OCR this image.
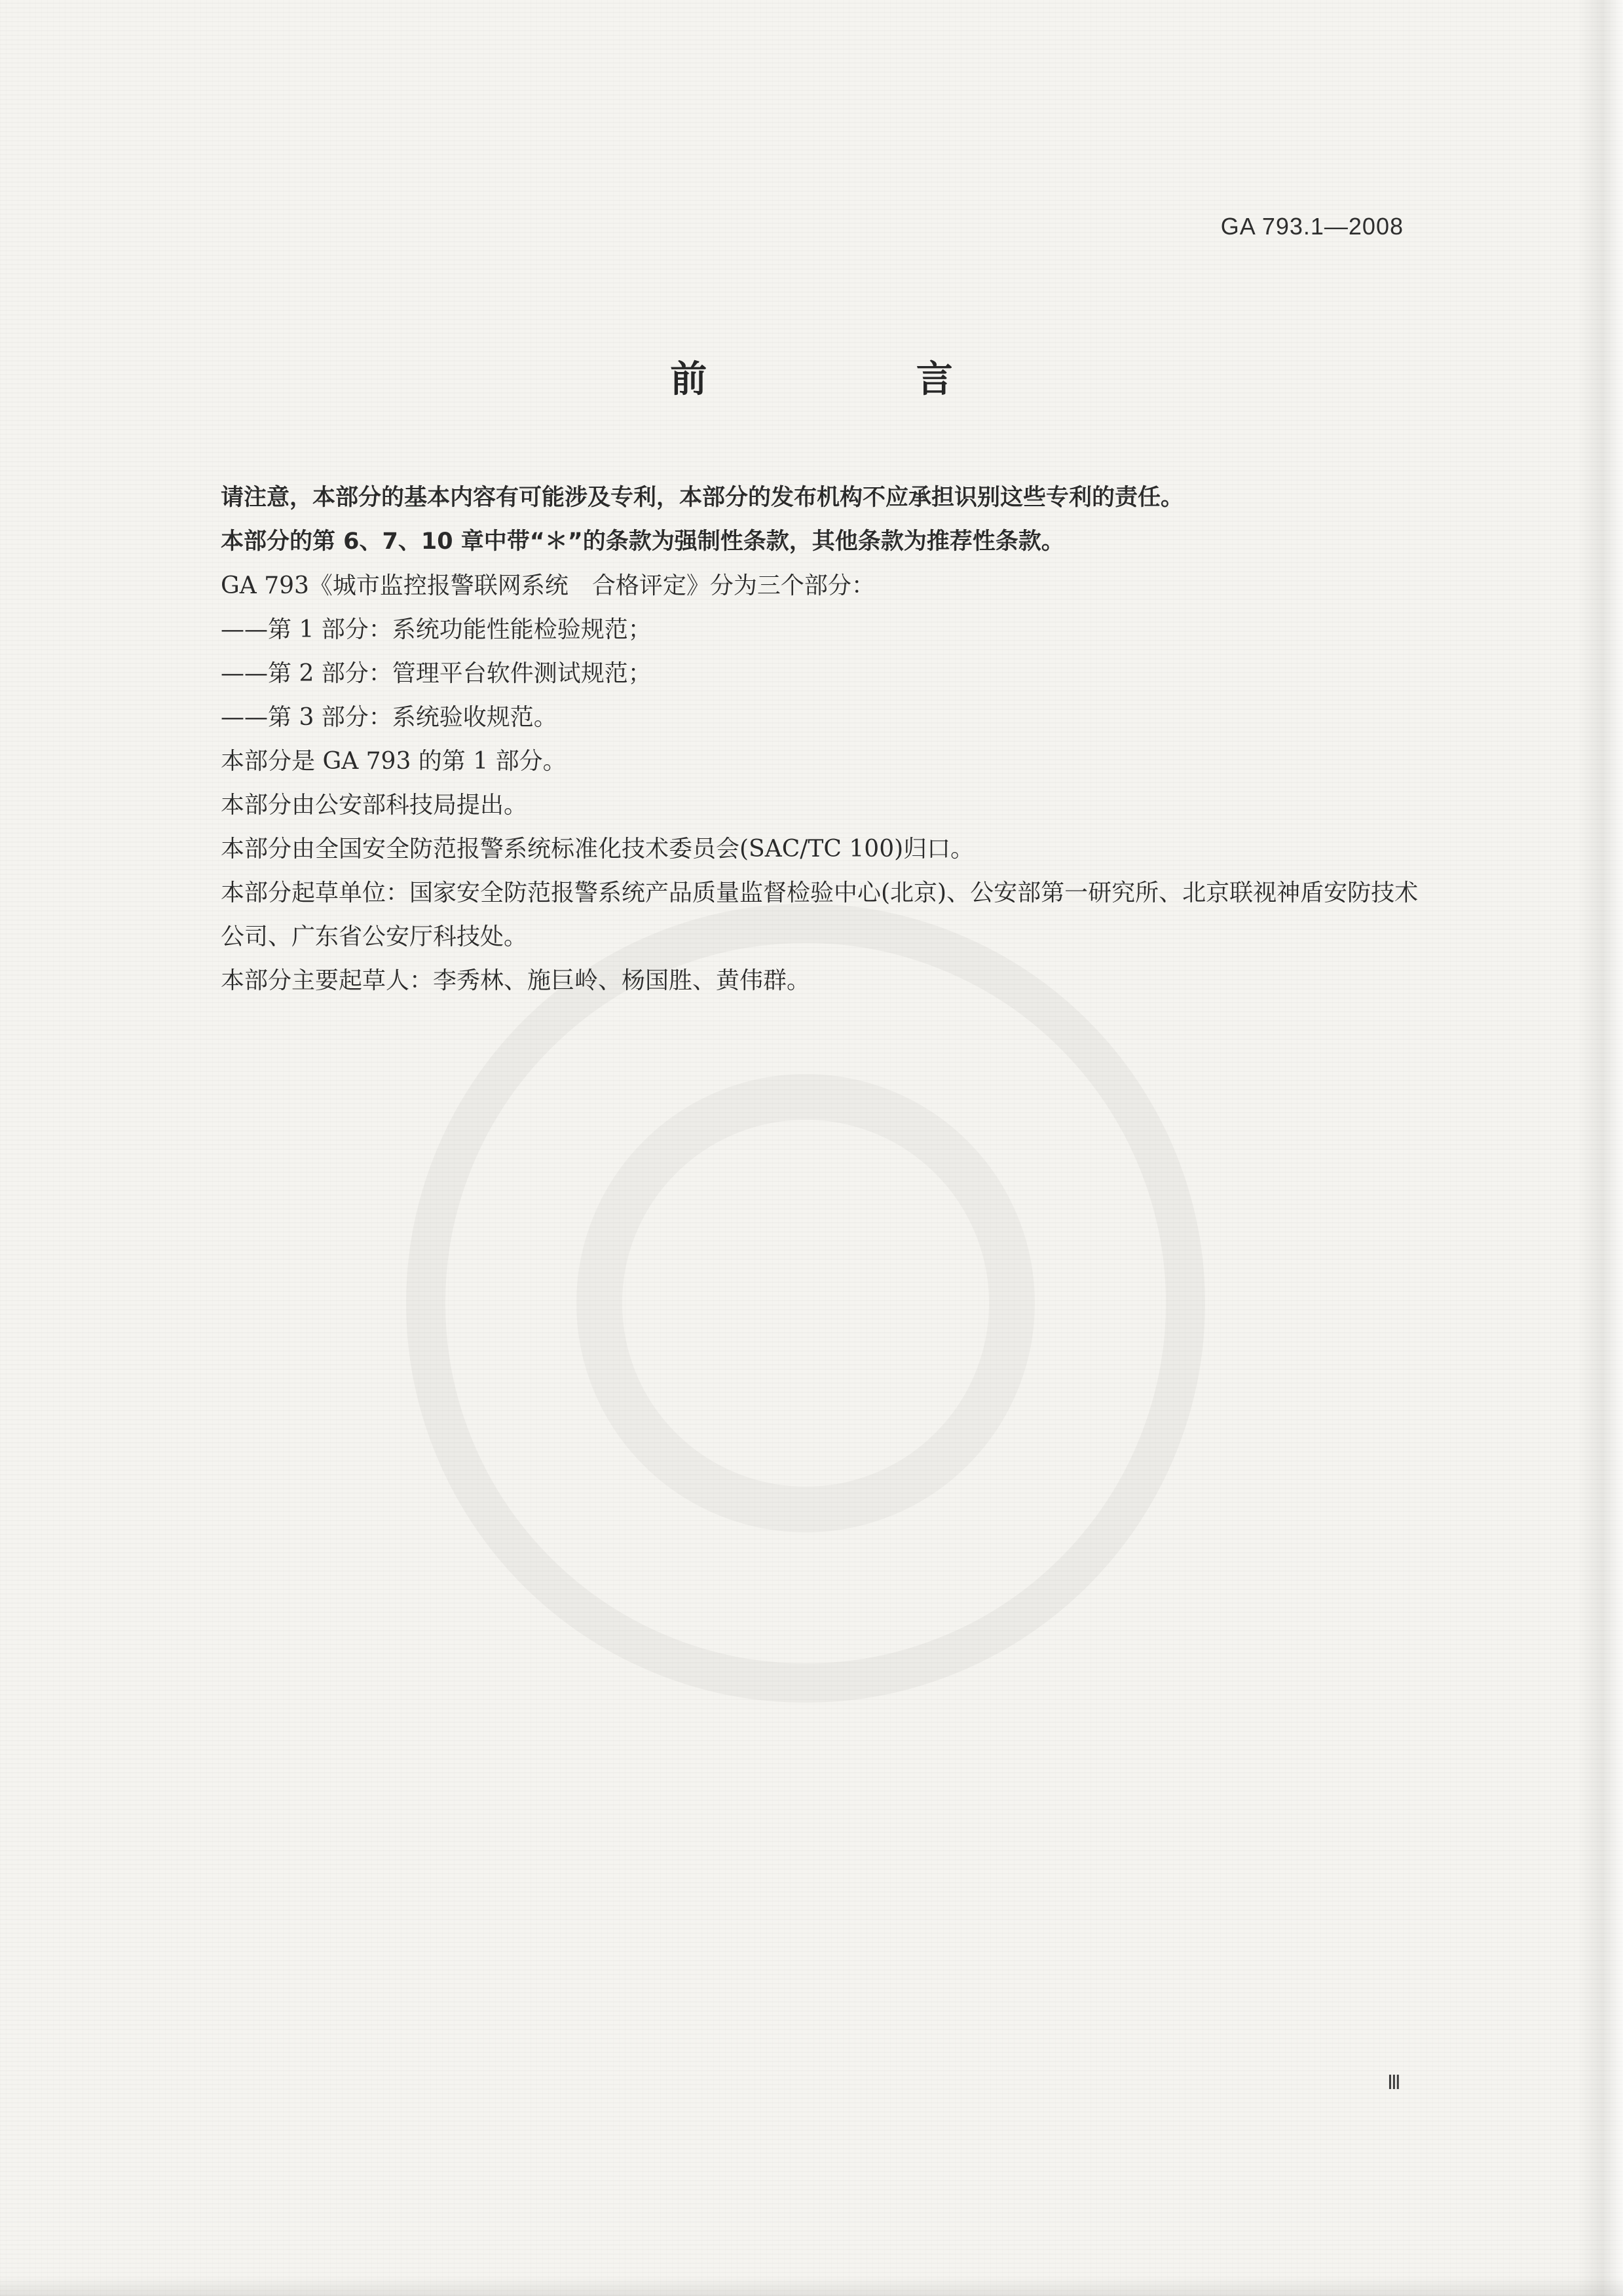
GA 793.1—2008
前 言

请注意，本部分的基本内容有可能涉及专利，本部分的发布机构不应承担识别这些专利的责任。

本部分的第 6、7、10 章中带“＊”的条款为强制性条款，其他条款为推荐性条款。

GA 793《城市监控报警联网系统　合格评定》分为三个部分：

——第 1 部分：系统功能性能检验规范；

——第 2 部分：管理平台软件测试规范；

——第 3 部分：系统验收规范。

本部分是 GA 793 的第 1 部分。

本部分由公安部科技局提出。

本部分由全国安全防范报警系统标准化技术委员会(SAC/TC 100)归口。

本部分起草单位：国家安全防范报警系统产品质量监督检验中心(北京)、公安部第一研究所、北京联视神盾安防技术公司、广东省公安厅科技处。

本部分主要起草人：李秀林、施巨岭、杨国胜、黄伟群。

Ⅲ
